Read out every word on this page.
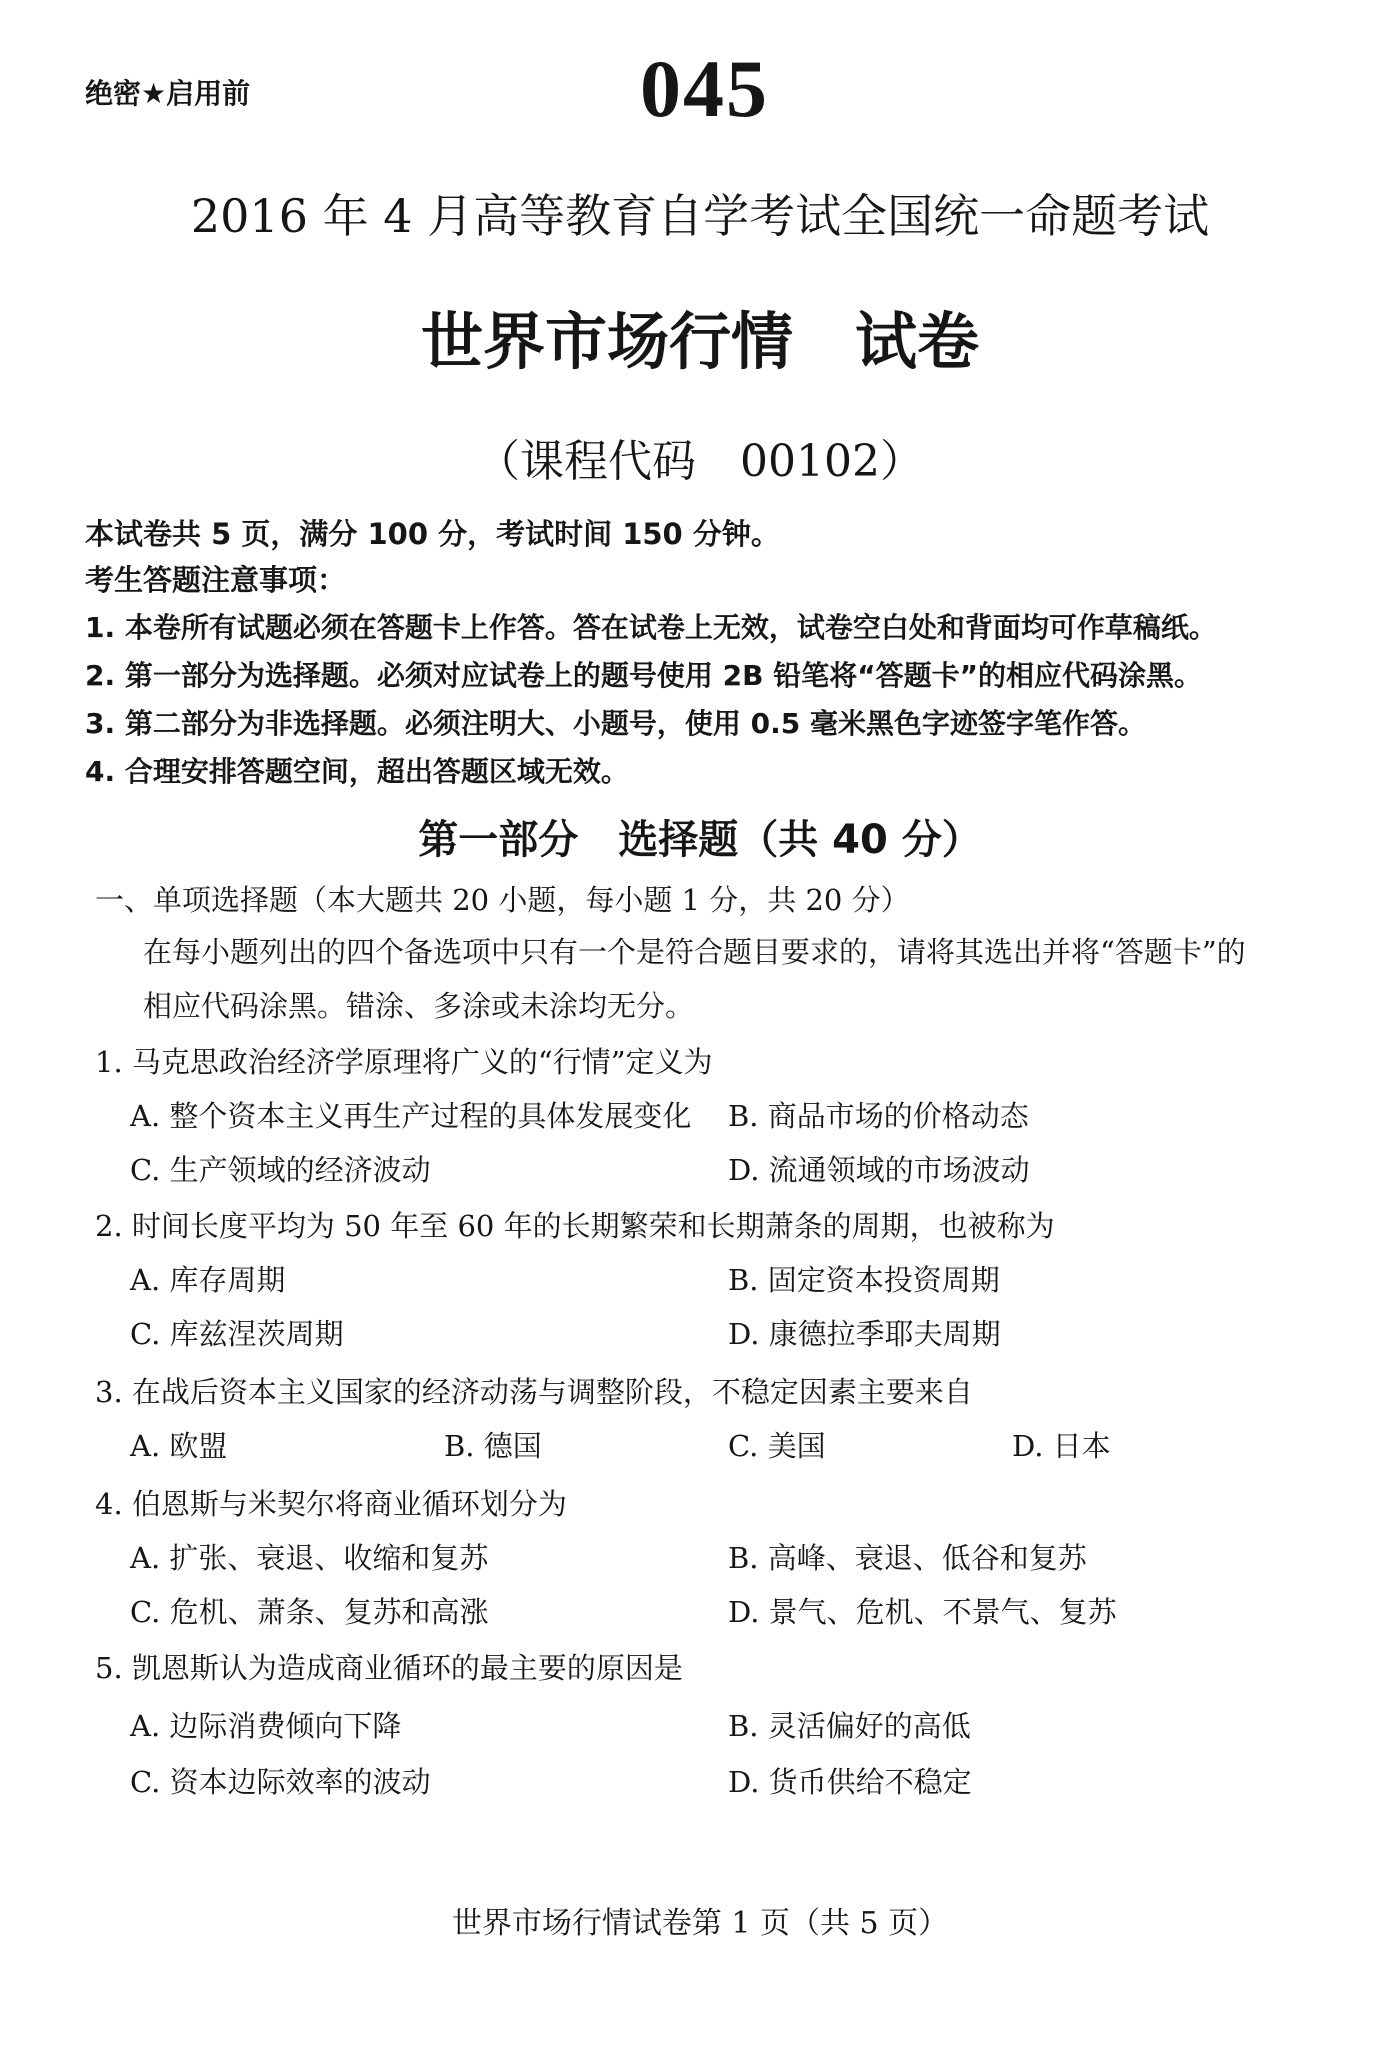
绝密★启用前	045
2016 年 4 月高等教育自学考试全国统一命题考试
世界市场行情　试卷
（课程代码　00102）
本试卷共 5 页，满分 100 分，考试时间 150 分钟。
考生答题注意事项：
1. 本卷所有试题必须在答题卡上作答。答在试卷上无效，试卷空白处和背面均可作草稿纸。
2. 第一部分为选择题。必须对应试卷上的题号使用 2B 铅笔将“答题卡”的相应代码涂黑。
3. 第二部分为非选择题。必须注明大、小题号，使用 0.5 毫米黑色字迹签字笔作答。
4. 合理安排答题空间，超出答题区域无效。
第一部分　选择题（共 40 分）
一、单项选择题（本大题共 20 小题，每小题 1 分，共 20 分）
在每小题列出的四个备选项中只有一个是符合题目要求的，请将其选出并将“答题卡”的
相应代码涂黑。错涂、多涂或未涂均无分。
1. 马克思政治经济学原理将广义的“行情”定义为
A. 整个资本主义再生产过程的具体发展变化 B. 商品市场的价格动态
C. 生产领域的经济波动	D. 流通领域的市场波动
2. 时间长度平均为 50 年至 60 年的长期繁荣和长期萧条的周期，也被称为
A. 库存周期	B. 固定资本投资周期
C. 库兹涅茨周期	D. 康德拉季耶夫周期
3. 在战后资本主义国家的经济动荡与调整阶段，不稳定因素主要来自
A. 欧盟	B. 德国	C. 美国	D. 日本
4. 伯恩斯与米契尔将商业循环划分为
A. 扩张、衰退、收缩和复苏	B. 高峰、衰退、低谷和复苏
C. 危机、萧条、复苏和高涨	D. 景气、危机、不景气、复苏
5. 凯恩斯认为造成商业循环的最主要的原因是
A. 边际消费倾向下降	B. 灵活偏好的高低
C. 资本边际效率的波动	D. 货币供给不稳定
世界市场行情试卷第 1 页（共 5 页）
